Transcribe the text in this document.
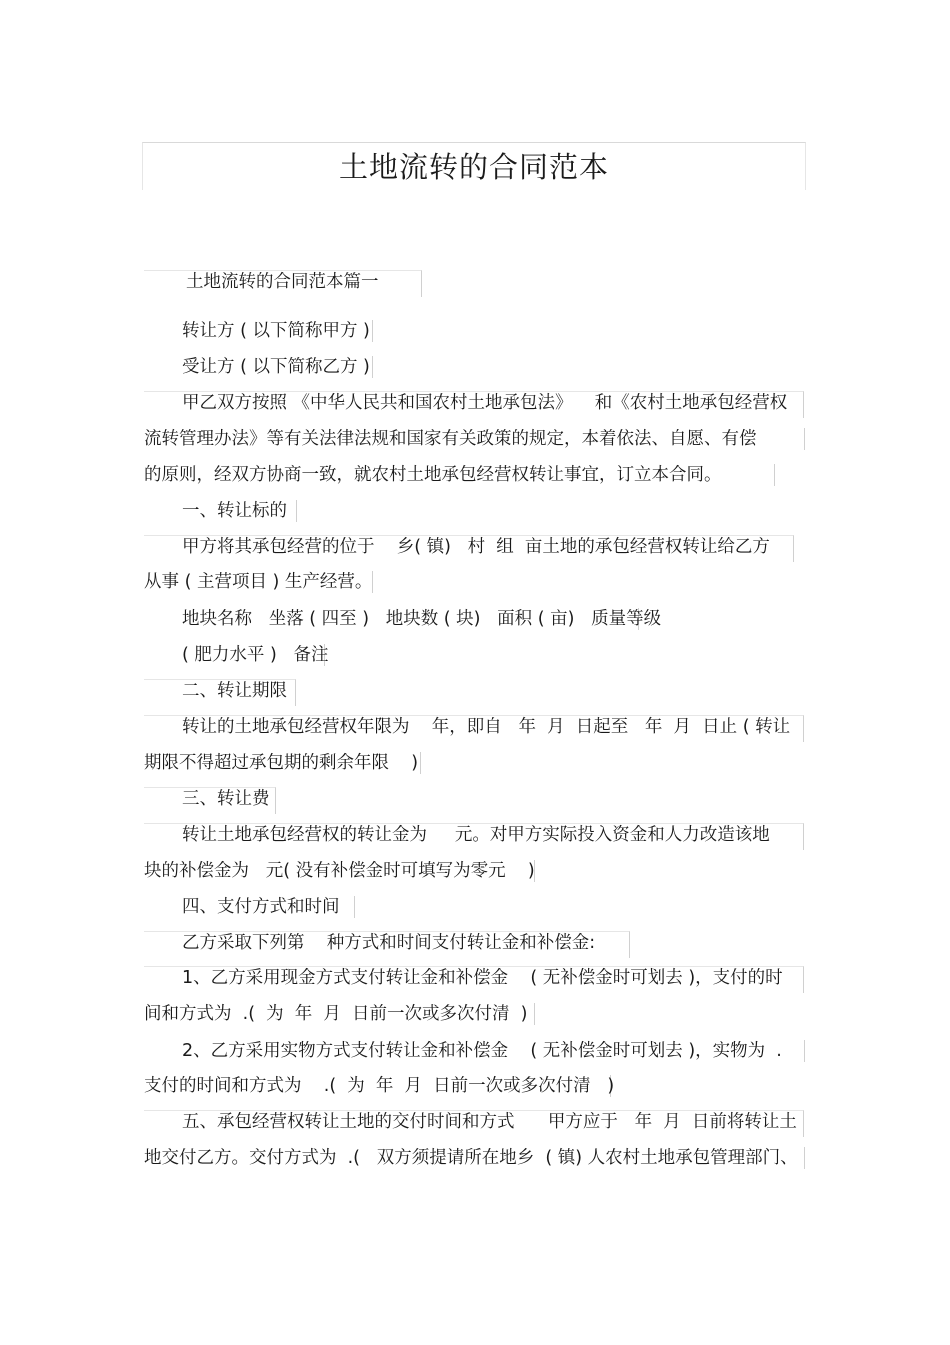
土地流转的合同范本
土地流转的合同范本篇一
转让方 ( 以下简称甲方 )
受让方 ( 以下简称乙方 )
甲乙双方按照 《中华人民共和国农村土地承包法》    和《农村土地承包经营权
流转管理办法》等有关法律法规和国家有关政策的规定，本着依法、自愿、有偿
的原则，经双方协商一致，就农村土地承包经营权转让事宜，订立本合同。
一、转让标的
甲方将其承包经营的位于    乡( 镇)   村  组  亩土地的承包经营权转让给乙方
从事 ( 主营项目 ) 生产经营。
地块名称   坐落 ( 四至 )   地块数 ( 块)   面积 ( 亩)   质量等级
( 肥力水平 )   备注
二、转让期限
转让的土地承包经营权年限为    年，即自   年  月  日起至   年  月  日止 ( 转让
期限不得超过承包期的剩余年限    )
三、转让费
转让土地承包经营权的转让金为     元。对甲方实际投入资金和人力改造该地
块的补偿金为   元( 没有补偿金时可填写为零元    )
四、支付方式和时间
乙方采取下列第    种方式和时间支付转让金和补偿金:
1、乙方采用现金方式支付转让金和补偿金    ( 无补偿金时可划去 )，支付的时
间和方式为  .(  为  年  月  日前一次或多次付清  )
2、乙方采用实物方式支付转让金和补偿金    ( 无补偿金时可划去 )，实物为  .
支付的时间和方式为    .(  为  年  月  日前一次或多次付清   )
五、承包经营权转让土地的交付时间和方式      甲方应于   年  月  日前将转让土
地交付乙方。交付方式为  .(   双方须提请所在地乡  ( 镇) 人农村土地承包管理部门、
